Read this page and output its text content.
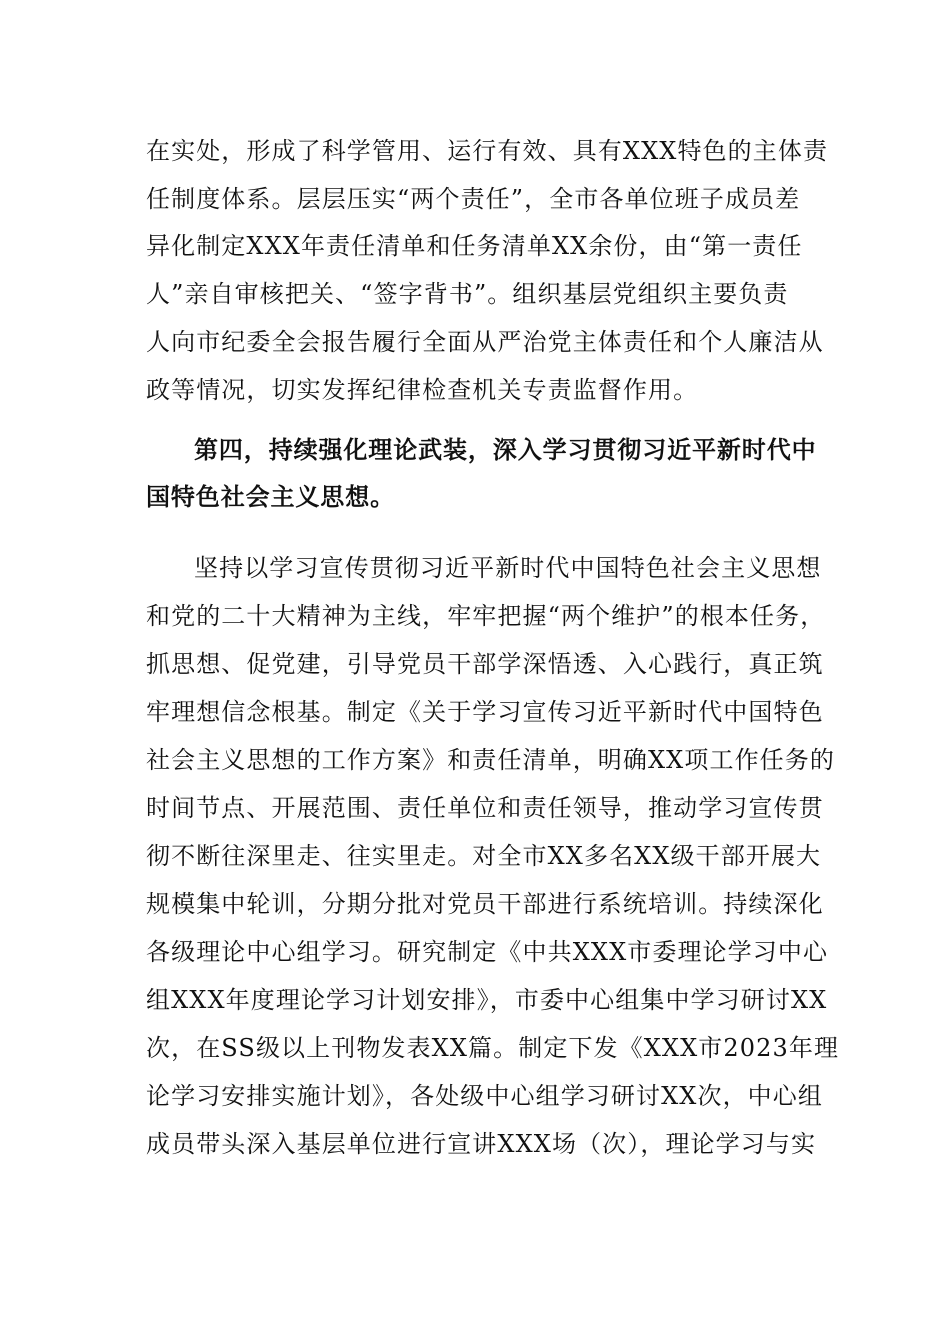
在实处，形成了科学管用、运行有效、具有XXX特色的主体责
任制度体系。层层压实“两个责任”，全市各单位班子成员差
异化制定XXX年责任清单和任务清单XX余份，由“第一责任
人”亲自审核把关、“签字背书”。组织基层党组织主要负责
人向市纪委全会报告履行全面从严治党主体责任和个人廉洁从
政等情况，切实发挥纪律检查机关专责监督作用。
第四，持续强化理论武装，深入学习贯彻习近平新时代中
国特色社会主义思想。
坚持以学习宣传贯彻习近平新时代中国特色社会主义思想
和党的二十大精神为主线，牢牢把握“两个维护”的根本任务，
抓思想、促党建，引导党员干部学深悟透、入心践行，真正筑
牢理想信念根基。制定《关于学习宣传习近平新时代中国特色
社会主义思想的工作方案》和责任清单，明确XX项工作任务的
时间节点、开展范围、责任单位和责任领导，推动学习宣传贯
彻不断往深里走、往实里走。对全市XX多名XX级干部开展大
规模集中轮训，分期分批对党员干部进行系统培训。持续深化
各级理论中心组学习。研究制定《中共XXX市委理论学习中心
组XXX年度理论学习计划安排》，市委中心组集中学习研讨XX
次，在SS级以上刊物发表XX篇。制定下发《XXX市2023年理
论学习安排实施计划》，各处级中心组学习研讨XX次，中心组
成员带头深入基层单位进行宣讲XXX场（次），理论学习与实
